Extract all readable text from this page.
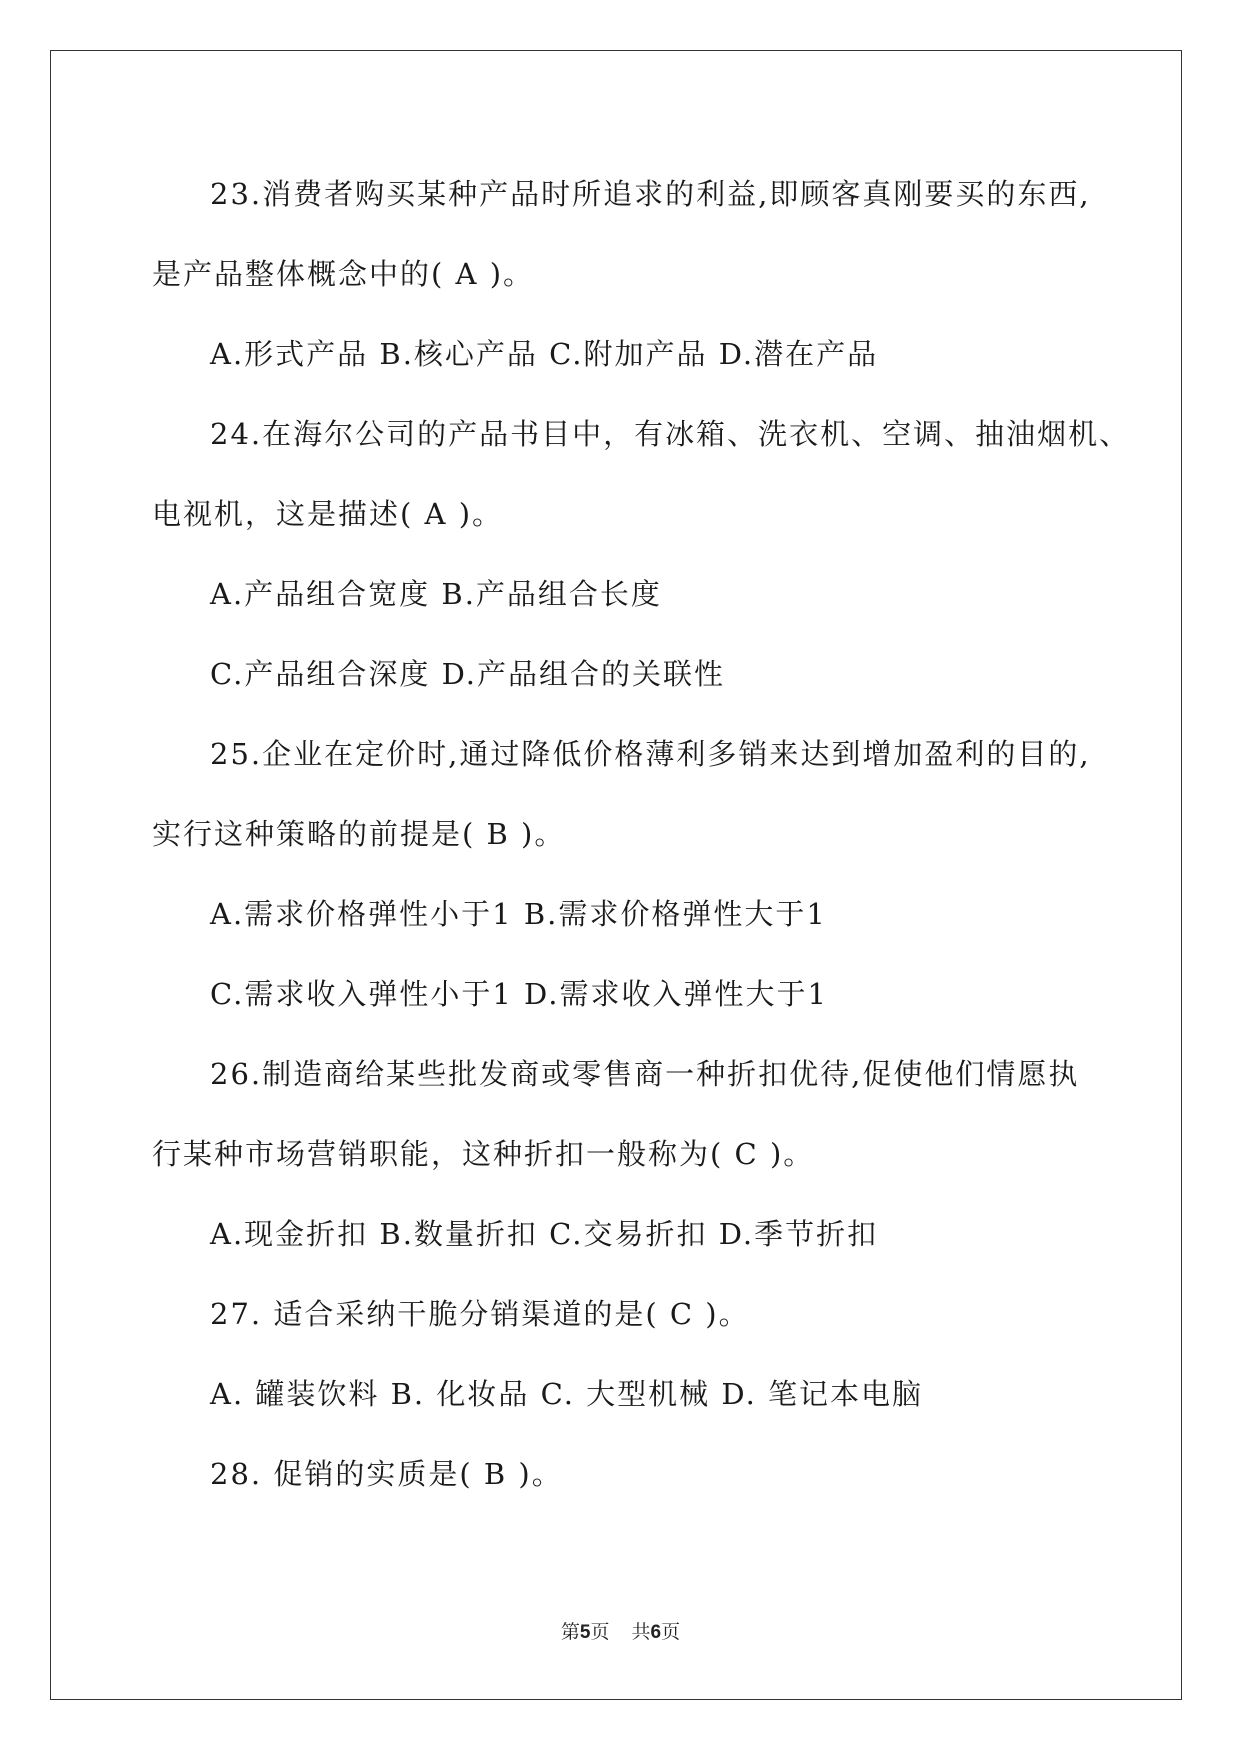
23.消费者购买某种产品时所追求的利益,即顾客真刚要买的东西,
是产品整体概念中的( A )。
A.形式产品 B.核心产品 C.附加产品 D.潜在产品
24.在海尔公司的产品书目中，有冰箱、洗衣机、空调、抽油烟机、
电视机，这是描述( A )。
A.产品组合宽度 B.产品组合长度
C.产品组合深度 D.产品组合的关联性
25.企业在定价时,通过降低价格薄利多销来达到增加盈利的目的,
实行这种策略的前提是( B )。
A.需求价格弹性小于1 B.需求价格弹性大于1
C.需求收入弹性小于1 D.需求收入弹性大于1
26.制造商给某些批发商或零售商一种折扣优待,促使他们情愿执
行某种市场营销职能，这种折扣一般称为( C )。
A.现金折扣 B.数量折扣 C.交易折扣 D.季节折扣
27. 适合采纳干脆分销渠道的是( C )。
A. 罐装饮料 B. 化妆品 C. 大型机械 D. 笔记本电脑
28. 促销的实质是( B )。
第5页 共6页
